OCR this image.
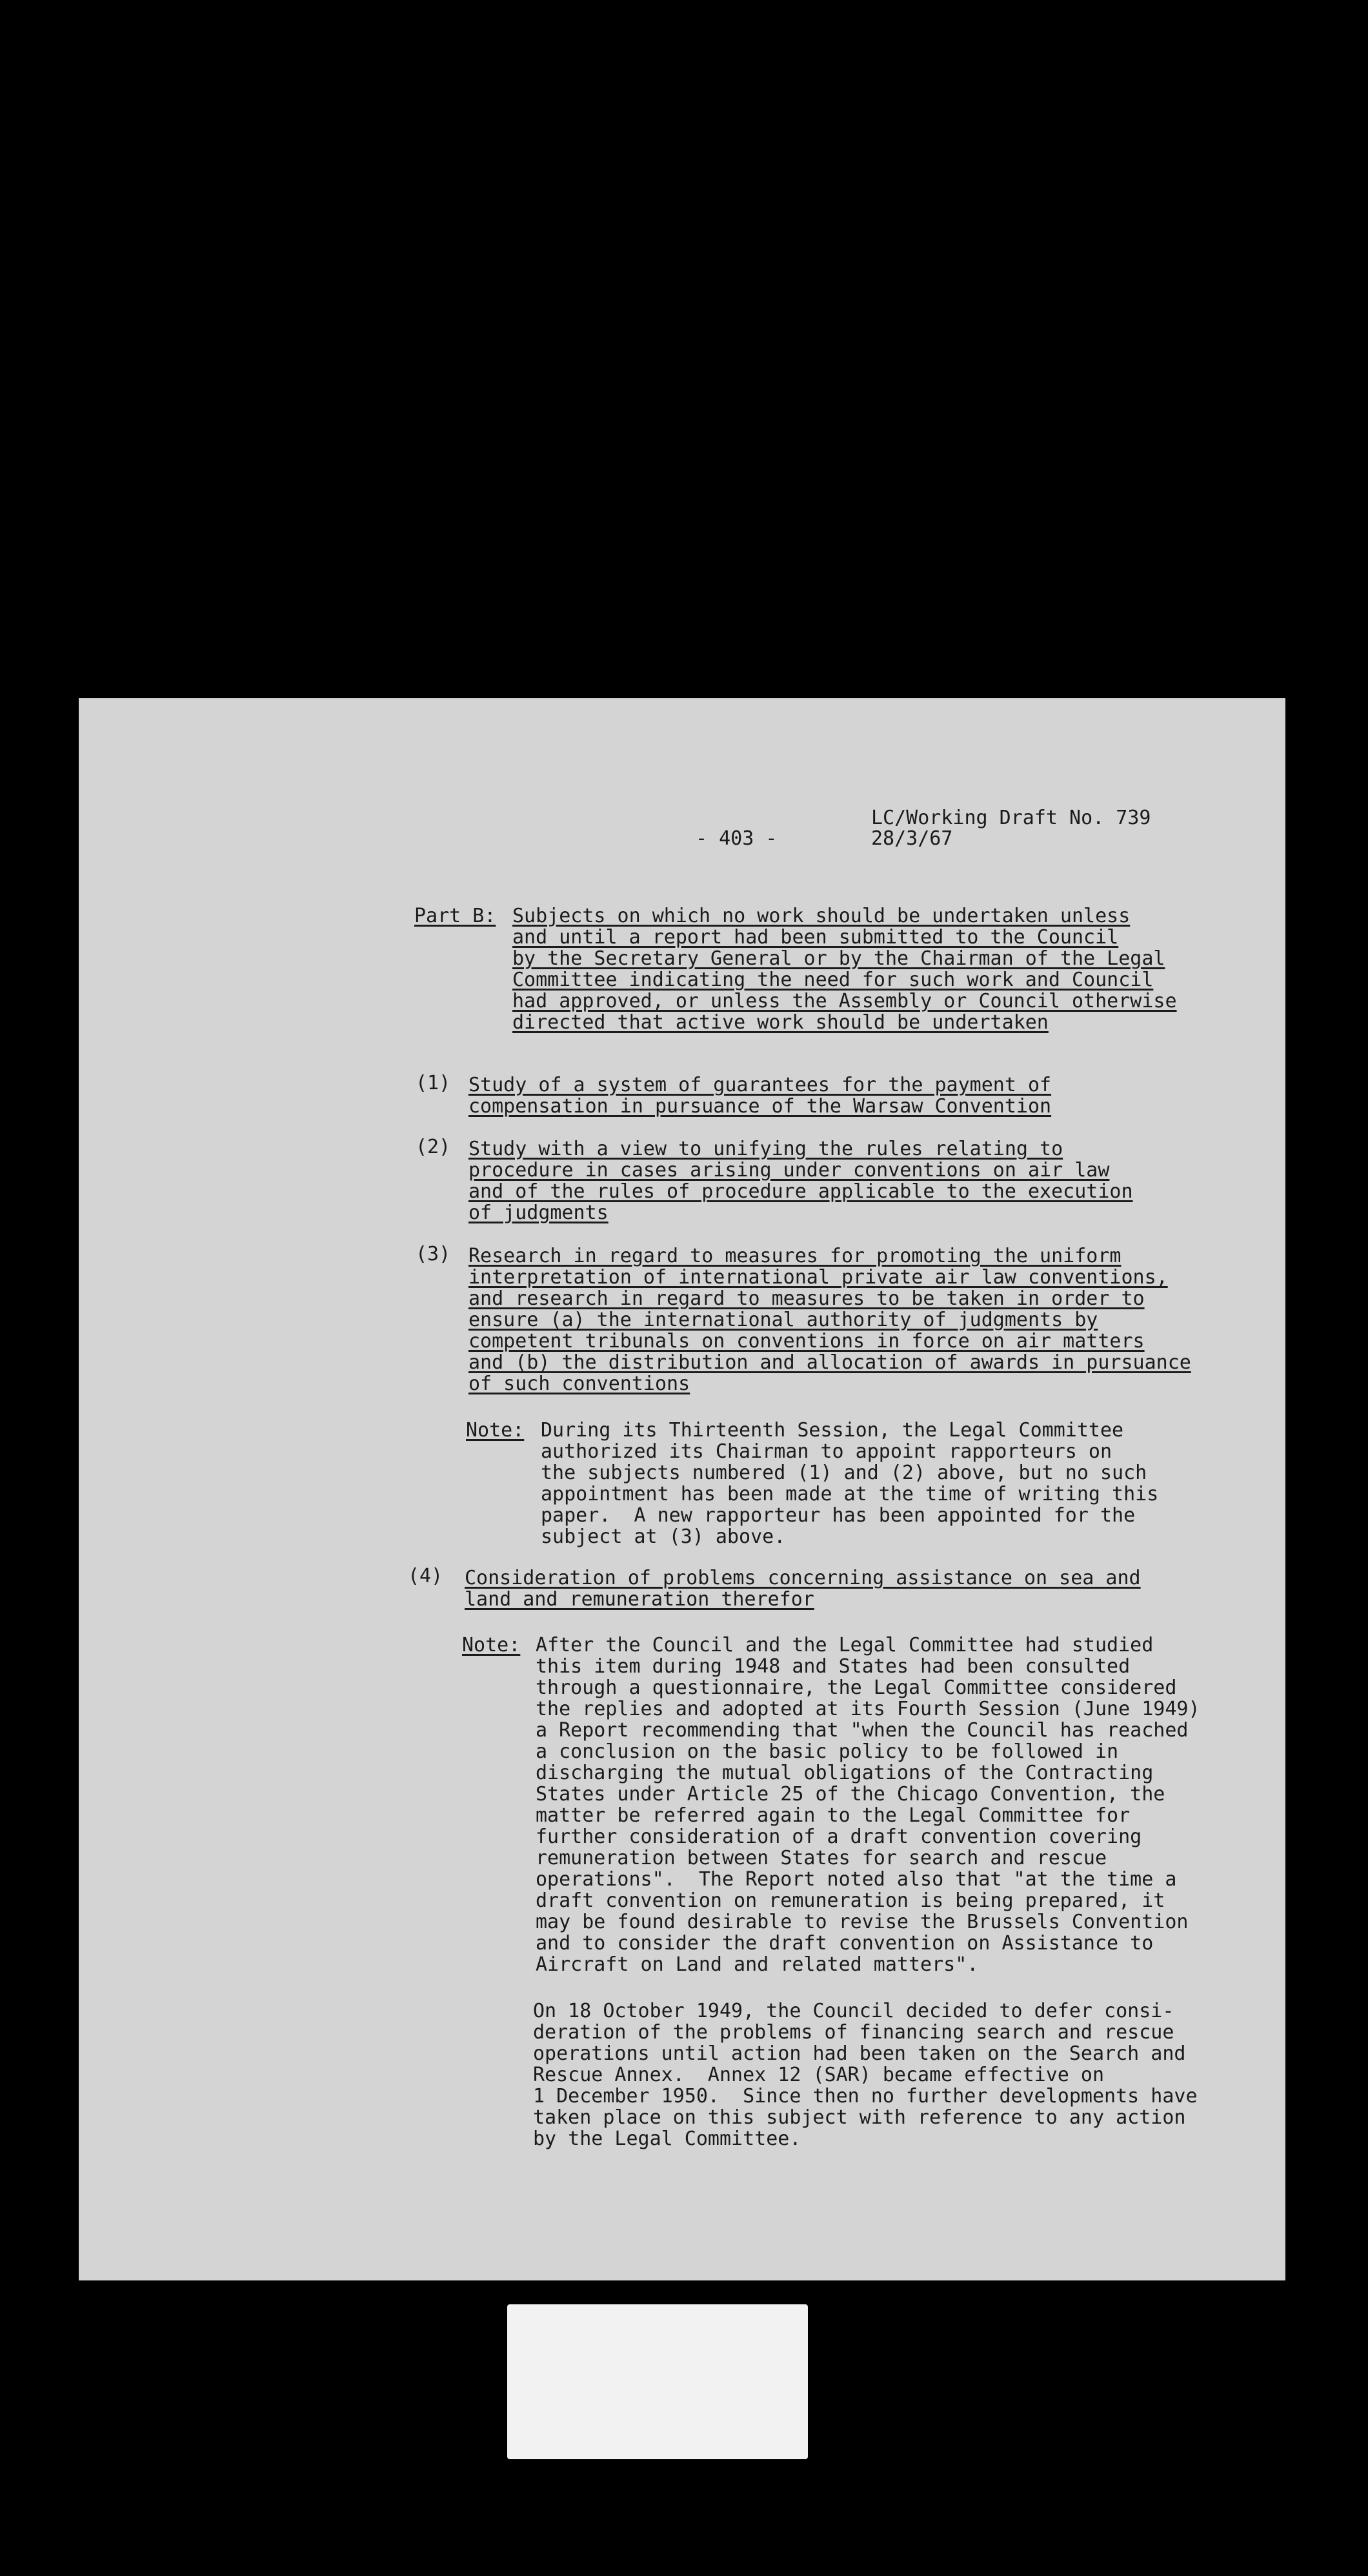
- 403 -
LC/Working Draft No. 739
28/3/67
Part B: Subjects on which no work should be undertaken unless
and until a report had been submitted to the Council
by the Secretary General or by the Chairman of the Legal
Committee indicating the need for such work and Council
had approved, or unless the Assembly or Council otherwise
directed that active work should be undertaken
(1) Study of a system of guarantees for the payment of
compensation in pursuance of the Warsaw Convention
(2) Study with a view to unifying the rules relating to
procedure in cases arising under conventions on air law
and of the rules of procedure applicable to the execution
of judgments
(3) Research in regard to measures for promoting the uniform
interpretation of international private air law conventions,
and research in regard to measures to be taken in order to
ensure (a) the international authority of judgments by
competent tribunals on conventions in force on air matters
and (b) the distribution and allocation of awards in pursuance
of such conventions
Note: During its Thirteenth Session, the Legal Committee
authorized its Chairman to appoint rapporteurs on
the subjects numbered (1) and (2) above, but no such
appointment has been made at the time of writing this
paper.  A new rapporteur has been appointed for the
subject at (3) above.
(4) Consideration of problems concerning assistance on sea and
land and remuneration therefor
Note: After the Council and the Legal Committee had studied
this item during 1948 and States had been consulted
through a questionnaire, the Legal Committee considered
the replies and adopted at its Fourth Session (June 1949)
a Report recommending that "when the Council has reached
a conclusion on the basic policy to be followed in
discharging the mutual obligations of the Contracting
States under Article 25 of the Chicago Convention, the
matter be referred again to the Legal Committee for
further consideration of a draft convention covering
remuneration between States for search and rescue
operations".  The Report noted also that "at the time a
draft convention on remuneration is being prepared, it
may be found desirable to revise the Brussels Convention
and to consider the draft convention on Assistance to
Aircraft on Land and related matters".
On 18 October 1949, the Council decided to defer consi-
deration of the problems of financing search and rescue
operations until action had been taken on the Search and
Rescue Annex.  Annex 12 (SAR) became effective on
1 December 1950.  Since then no further developments have
taken place on this subject with reference to any action
by the Legal Committee.
